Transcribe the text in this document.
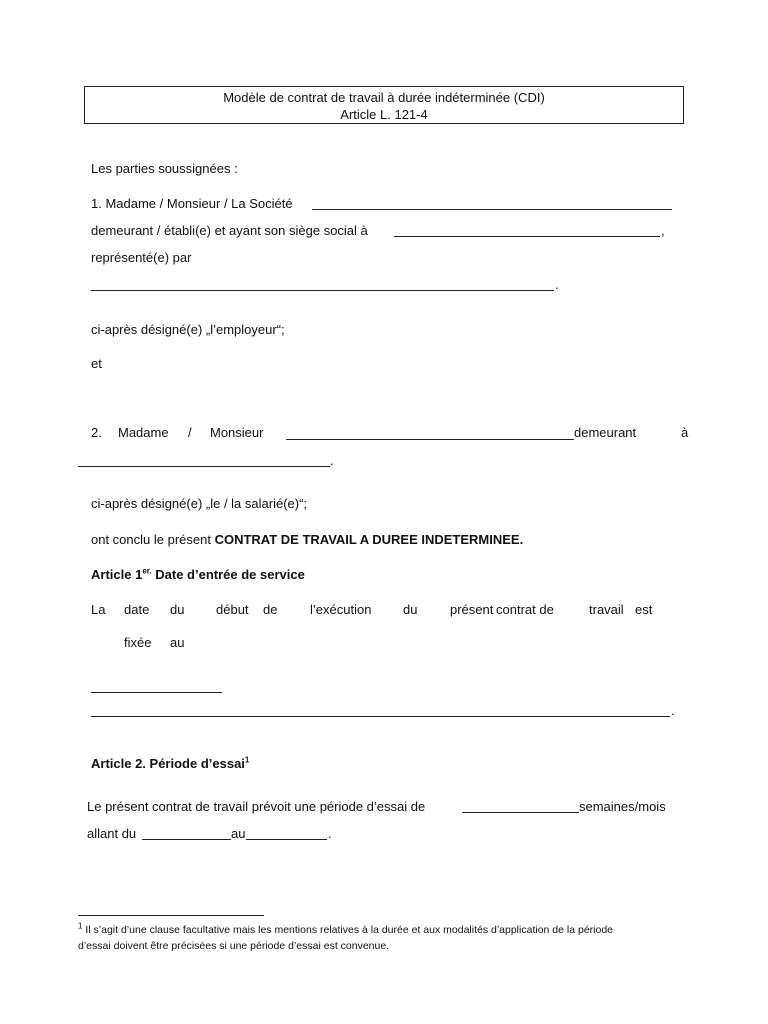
Modèle de contrat de travail à durée indéterminée (CDI)
Article L. 121-4
Les parties soussignées :
1. Madame / Monsieur / La Société
demeurant / établi(e) et ayant son siège social à	,
représenté(e) par
.
ci-après désigné(e) „l’employeur“;
et
2. Madame / Monsieur	demeurant	à
.
ci-après désigné(e) „le / la salarié(e)“;
ont conclu le présent CONTRAT DE TRAVAIL A DUREE INDETERMINEE.
Article $1^{er.}$ Date d’entrée de service
La date du début de	l’exécution du	présent contrat de	travail est
fixée au
.
Article 2. Période d’essai$^1$
Le présent contrat de travail prévoit une période d’essai de	semaines/mois
allant du	au	.
$^1$ Il s’agit d’une clause facultative mais les mentions relatives à la durée et aux modalités d’application de la période
d’essai doivent être précisées si une période d’essai est convenue.
